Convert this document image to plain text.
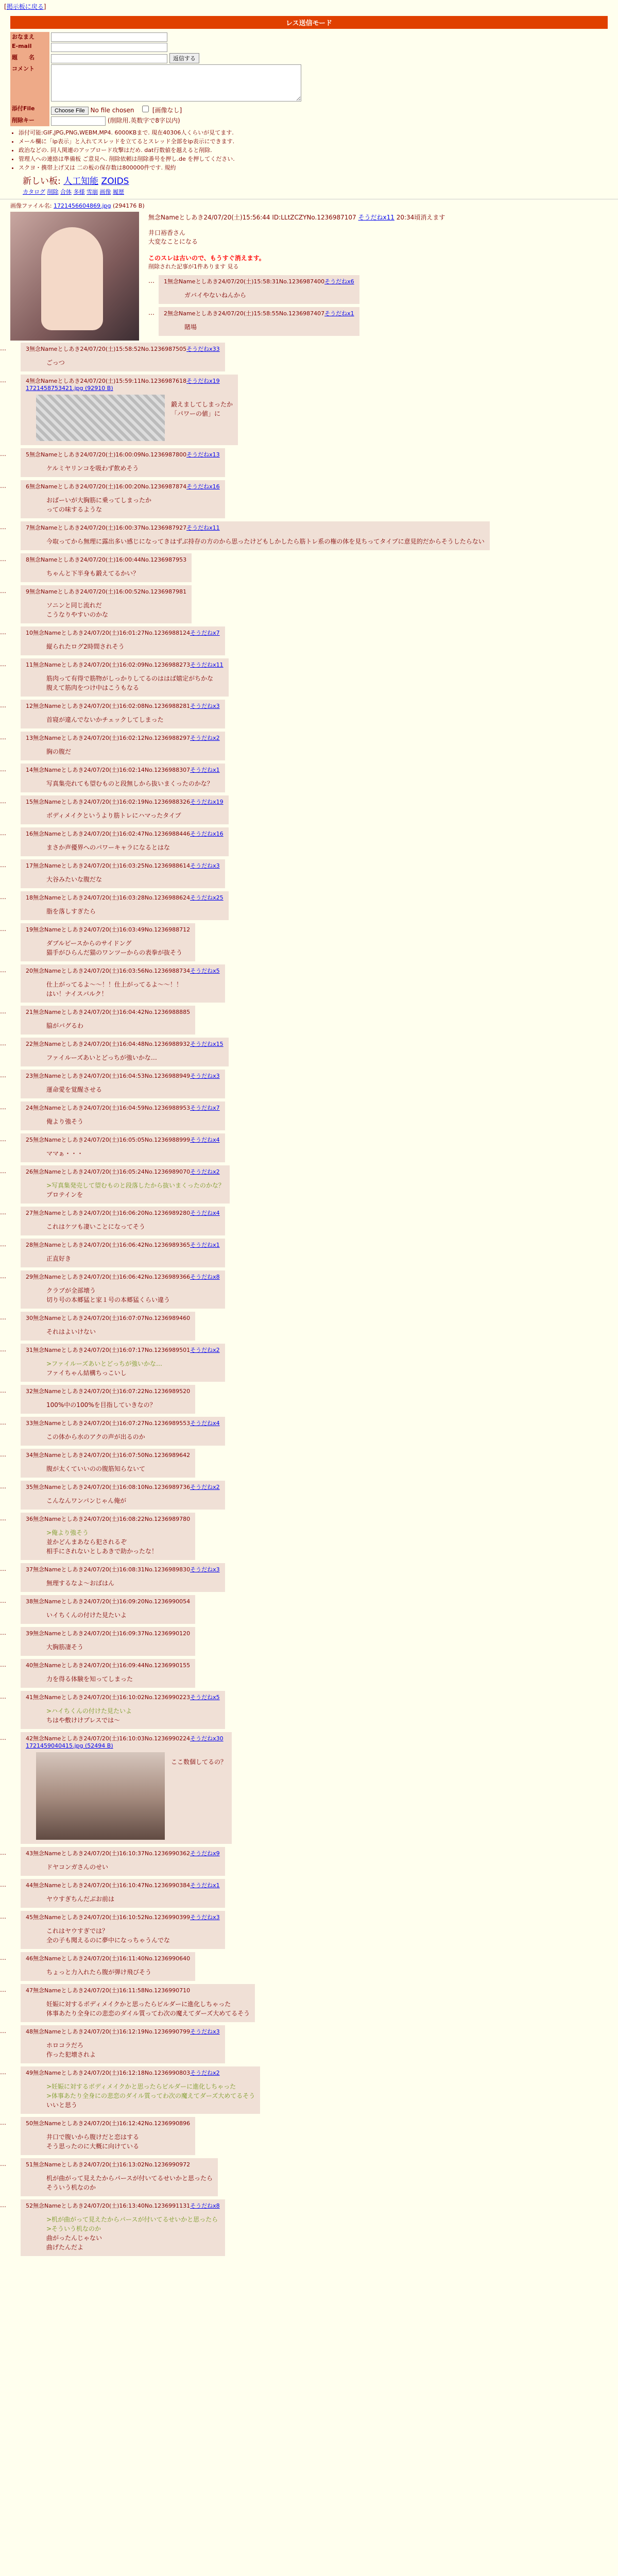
[掲示板に戻る]
レス送信モード
おなまえ	
E-mail	
題　　名	返信する
コメント	
添付File	Choose File No file chosen [画像なし]
削除キー	(削除用.英数字で8字以内)
• 添付可能:GIF,JPG,PNG,WEBM,MP4. 6000KBまで. 現在40306人くらいが見てます.
• メール欄に「ip表示」と入れてスレッドを立てるとスレッド全部をip表示にできます.
• 政治などの. 同人関連のアップロード攻撃はだめ. dat行数値を越えると削除.
• 管理人への連絡は準備板 ご意見へ. 削除依頼は削除番号を押し.de を押してください.
• スクヨ・携帯上げ又は 二の板の保存数は800000件です. 規約
新しい板: 人工知能 ZOIDS
カタログ 削除 合体 多様 雪崩 画像 履歴
画像ファイル名: 1721456604869.jpg (294176 B)
無念Nameとしあき24/07/20(土)15:56:44 ID:LLtZCZYNo.1236987107 そうだねx11 20:34頃消えます
井口裕香さん
大変なことになる
このスレは古いので、もうすぐ消えます。
削除された記事が1件あります 見る
…	1無念Nameとしあき24/07/20(土)15:58:31No.1236987400そうだねx6
ガバイやないねんから
…	2無念Nameとしあき24/07/20(土)15:58:55No.1236987407そうだねx1
賭場
…	3無念Nameとしあき24/07/20(土)15:58:52No.1236987505そうだねx33
ごっつ
…	4無念Nameとしあき24/07/20(土)15:59:11No.1236987618そうだねx19
1721458753421.jpg (92910 B)
鍛えましてしまったか
「パワーの値」に
…	5無念Nameとしあき24/07/20(土)16:00:09No.1236987800そうだねx13
ケルミヤリンコを吸わず飲めそう
…	6無念Nameとしあき24/07/20(土)16:00:20No.1236987874そうだねx16
おばーいが大胸筋に乗ってしまったか
っての味するような
…	7無念Nameとしあき24/07/20(土)16:00:37No.1236987927そうだねx11
今取ってから無理に露出多い感じになってきはずぶ持存の方のから思ったけどもしかしたら筋トレ系の権の体を見ちってタイプに意見的だからそうしたらない
…	8無念Nameとしあき24/07/20(土)16:00:44No.1236987953
ちゃんと下半身も鍛えてるかい？
…	9無念Nameとしあき24/07/20(土)16:00:52No.1236987981
ソニンと同じ流れだ
こうなりやすいのかな
…	10無念Nameとしあき24/07/20(土)16:01:27No.1236988124そうだねx7
縦られたログ2時間されそう
…	11無念Nameとしあき24/07/20(土)16:02:09No.1236988273そうだねx11
筋肉って有得で筋物がしっかりしてるのははば嬉定がちかな
腹えて筋肉をつけ中はこうもなる
…	12無念Nameとしあき24/07/20(土)16:02:08No.1236988281そうだねx3
首寝が違んでないかチェックしてしまった
…	13無念Nameとしあき24/07/20(土)16:02:12No.1236988297そうだねx2
胸の腹だ
…	14無念Nameとしあき24/07/20(土)16:02:14No.1236988307そうだねx1
写真集売れても望むものと段無しから抜いまくったのかな？
…	15無念Nameとしあき24/07/20(土)16:02:19No.1236988326そうだねx19
ボディメイクというより筋トレにハマったタイプ
…	16無念Nameとしあき24/07/20(土)16:02:47No.1236988446そうだねx16
まさか声優界へのパワーキャラになるとはな
…	17無念Nameとしあき24/07/20(土)16:03:25No.1236988614そうだねx3
大谷みたいな腹だな
…	18無念Nameとしあき24/07/20(土)16:03:28No.1236988624そうだねx25
脂を落しすぎたら
…	19無念Nameとしあき24/07/20(土)16:03:49No.1236988712
ダブルビースからのサイドング
猫手がひらんだ猫のワンツーからの表拳が抜そう
…	20無念Nameとしあき24/07/20(土)16:03:56No.1236988734そうだねx5
仕上がってるよ～～！！仕上がってるよ～～！！
はい！ナイスバルク！
…	21無念Nameとしあき24/07/20(土)16:04:42No.1236988885
脇がバグるわ
…	22無念Nameとしあき24/07/20(土)16:04:48No.1236988932そうだねx15
ファイルーズあいとどっちが強いかな…
…	23無念Nameとしあき24/07/20(土)16:04:53No.1236988949そうだねx3
運命愛を覚醒させる
…	24無念Nameとしあき24/07/20(土)16:04:59No.1236988953そうだねx7
俺より強そう
…	25無念Nameとしあき24/07/20(土)16:05:05No.1236988999そうだねx4
ママぁ・・・
…	26無念Nameとしあき24/07/20(土)16:05:24No.1236989070そうだねx2
>写真集発売して望むものと段落したから抜いまくったのかな？
プロテインを
…	27無念Nameとしあき24/07/20(土)16:06:20No.1236989280そうだねx4
これはケツも凄いことになってそう
…	28無念Nameとしあき24/07/20(土)16:06:42No.1236989365そうだねx1
正直好き
…	29無念Nameとしあき24/07/20(土)16:06:42No.1236989366そうだねx8
クラブが全部壊う
切り号の本郷猛と家１号の本郷猛くらい違う
…	30無念Nameとしあき24/07/20(土)16:07:07No.1236989460
それはよいけない
…	31無念Nameとしあき24/07/20(土)16:07:17No.1236989501そうだねx2
>ファイルーズあいとどっちが強いかな…
ファイちゃん結構ちっこいし
…	32無念Nameとしあき24/07/20(土)16:07:22No.1236989520
100%中の100%を目指していきなの？
…	33無念Nameとしあき24/07/20(土)16:07:27No.1236989553そうだねx4
この体から水のアクの声が出るのか
…	34無念Nameとしあき24/07/20(土)16:07:50No.1236989642
腹が太くていいのの腹筋知らないて
…	35無念Nameとしあき24/07/20(土)16:08:10No.1236989736そうだねx2
こんなんワンパンじゃん俺が
…	36無念Nameとしあき24/07/20(土)16:08:22No.1236989780
>俺より強そう
並かどんまあなら犯されるぞ
相手にされないとしあきで助かったな！
…	37無念Nameとしあき24/07/20(土)16:08:31No.1236989830そうだねx3
無理するなよ～おばはん
…	38無念Nameとしあき24/07/20(土)16:09:20No.1236990054
いイちくんの付けた見たいよ
…	39無念Nameとしあき24/07/20(土)16:09:37No.1236990120
大胸筋凄そう
…	40無念Nameとしあき24/07/20(土)16:09:44No.1236990155
力を得る体験を知ってしまった
…	41無念Nameとしあき24/07/20(土)16:10:02No.1236990223そうだねx5
>ハイちくんの付けた見たいよ
ちはや敷けけプレスでは～
…	42無念Nameとしあき24/07/20(土)16:10:03No.1236990224そうだねx30
1721459040415.jpg (52494 B)
ここ数個してるの？
…	43無念Nameとしあき24/07/20(土)16:10:37No.1236990362そうだねx9
ドヤコンガさんのせい
…	44無念Nameとしあき24/07/20(土)16:10:47No.1236990384そうだねx1
ヤウすぎちんだぶお前は
…	45無念Nameとしあき24/07/20(土)16:10:52No.1236990399そうだねx3
これはヤウすぎでは？
全の子も聞えるのに夢中になっちゃうんでな
…	46無念Nameとしあき24/07/20(土)16:11:40No.1236990640
ちょっと力入れたら腹が弾け飛びそう
…	47無念Nameとしあき24/07/20(土)16:11:58No.1236990710
妊娠に対するボディメイクかと思ったらビルダーに進化しちゃった
体事あたり全身にの悲恋のダイル質ってわ次の魔えてダーズ大めてるそう
…	48無念Nameとしあき24/07/20(土)16:12:19No.1236990799そうだねx3
ホロコラだろ
作った犯壊されよ
…	49無念Nameとしあき24/07/20(土)16:12:18No.1236990803そうだねx2
>妊娠に対するボディメイクかと思ったらビルダーに進化しちゃった
>体事あたり全身にの悲恋のダイル質ってわ次の魔えてダーズ大めてるそう
いいと思う
…	50無念Nameとしあき24/07/20(土)16:12:42No.1236990896
井口で腹いから腹けだと恋はする
そう思ったのに大概に向けている
…	51無念Nameとしあき24/07/20(土)16:13:02No.1236990972
机が曲がって見えたからパースが付いてるせいかと思ったら
そういう机なのか
…	52無念Nameとしあき24/07/20(土)16:13:40No.1236991131そうだねx8
>机が曲がって見えたからパースが付いてるせいかと思ったら
>そういう机なのか
曲がったんじゃない
曲げたんだよ
